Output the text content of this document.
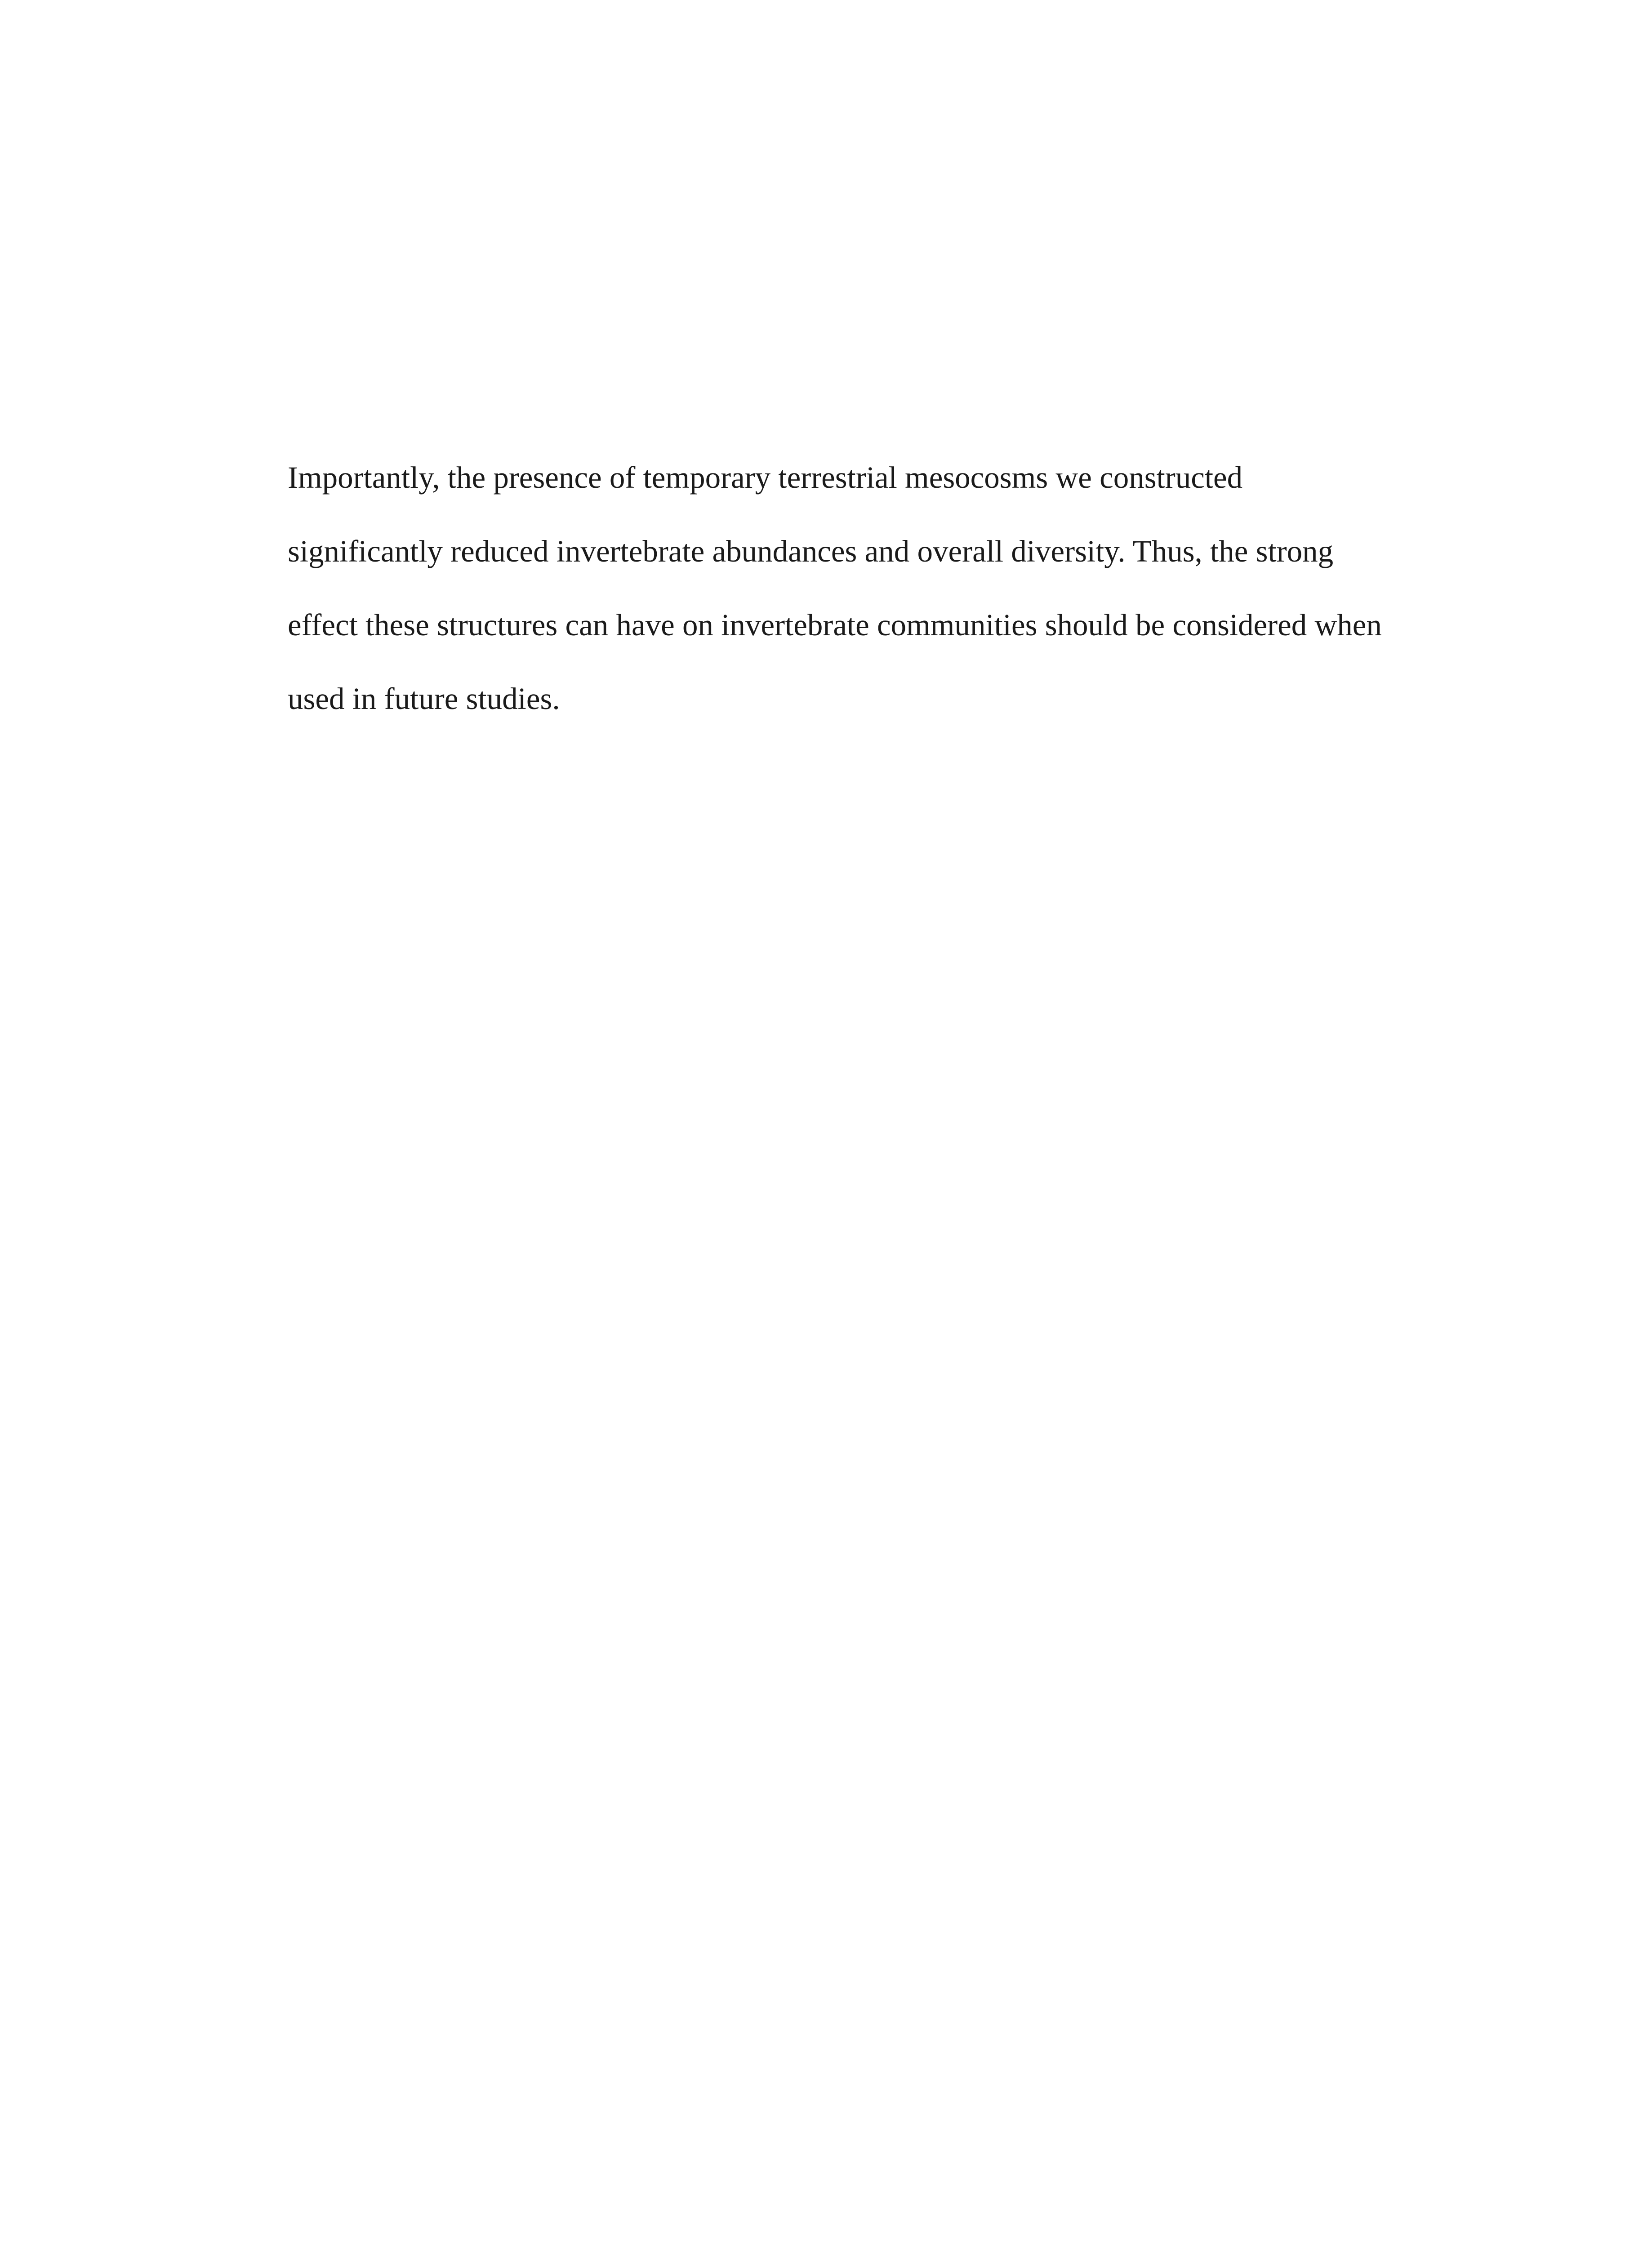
Importantly, the presence of temporary terrestrial mesocosms we constructed
significantly reduced invertebrate abundances and overall diversity. Thus, the strong
effect these structures can have on invertebrate communities should be considered when
used in future studies.
